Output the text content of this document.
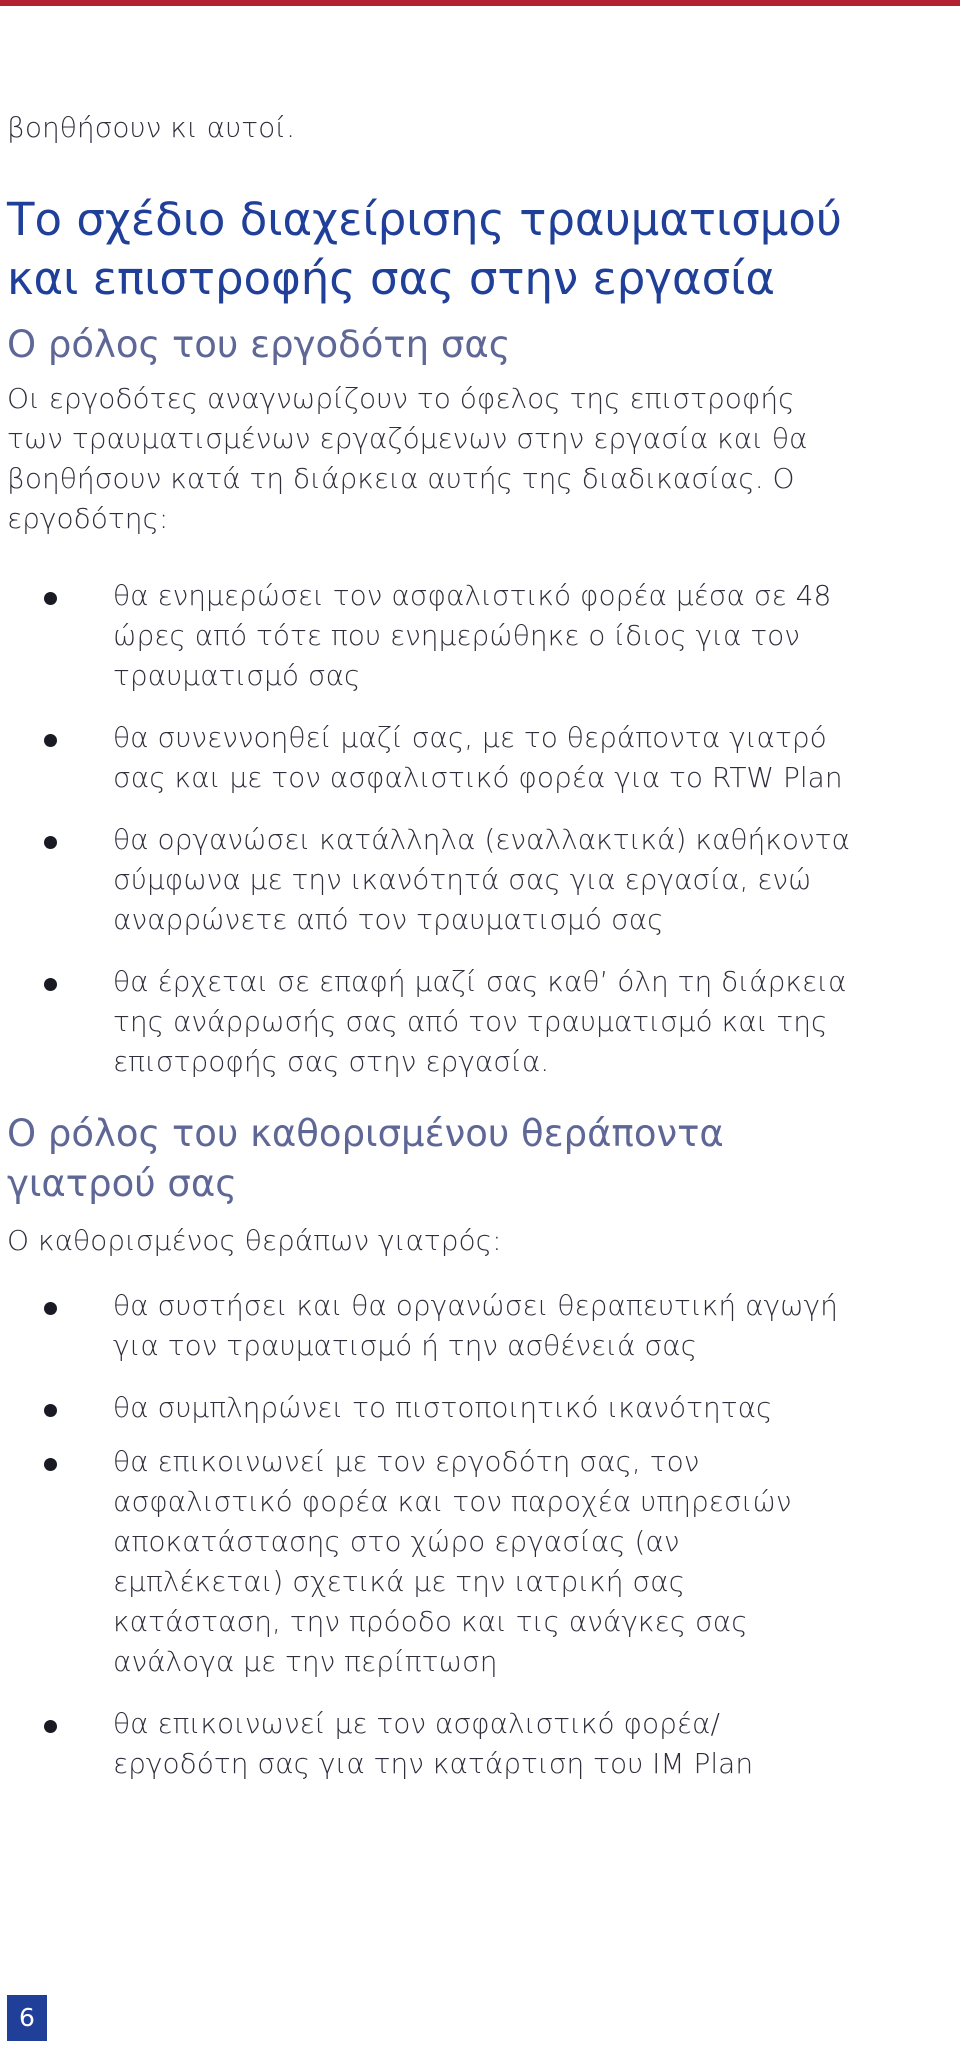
βοηθήσουν κι αυτοί.

Το σχέδιο διαχείρισης τραυματισμού
και επιστροφής σας στην εργασία
Ο ρόλος του εργοδότη σας

Οι εργοδότες αναγνωρίζουν το όφελος της επιστροφής των τραυματισμένων εργαζόμενων στην εργασία και θα βοηθήσουν κατά τη διάρκεια αυτής της διαδικασίας. Ο εργοδότης:

θα ενημερώσει τον ασφαλιστικό φορέα μέσα σε 48 ώρες από τότε που ενημερώθηκε ο ίδιος για τον τραυματισμό σας
θα συνεννοηθεί μαζί σας, με το θεράποντα γιατρό σας και με τον ασφαλιστικό φορέα για το RTW Plan
θα οργανώσει κατάλληλα (εναλλακτικά) καθήκοντα σύμφωνα με την ικανότητά σας για εργασία, ενώ αναρρώνετε από τον τραυματισμό σας
θα έρχεται σε επαφή μαζί σας καθ’ όλη τη διάρκεια της ανάρρωσής σας από τον τραυματισμό και της επιστροφής σας στην εργασία.
Ο ρόλος του καθορισμένου θεράποντα
γιατρού σας

Ο καθορισμένος θεράπων γιατρός:

θα συστήσει και θα οργανώσει θεραπευτική αγωγή για τον τραυματισμό ή την ασθένειά σας
θα συμπληρώνει το πιστοποιητικό ικανότητας
θα επικοινωνεί με τον εργοδότη σας, τον ασφαλιστικό φορέα και τον παροχέα υπηρεσιών αποκατάστασης στο χώρο εργασίας (αν εμπλέκεται) σχετικά με την ιατρική σας κατάσταση, την πρόοδο και τις ανάγκες σας ανάλογα με την περίπτωση
θα επικοινωνεί με τον ασφαλιστικό φορέα/εργοδότη σας για την κατάρτιση του IM Plan
6
